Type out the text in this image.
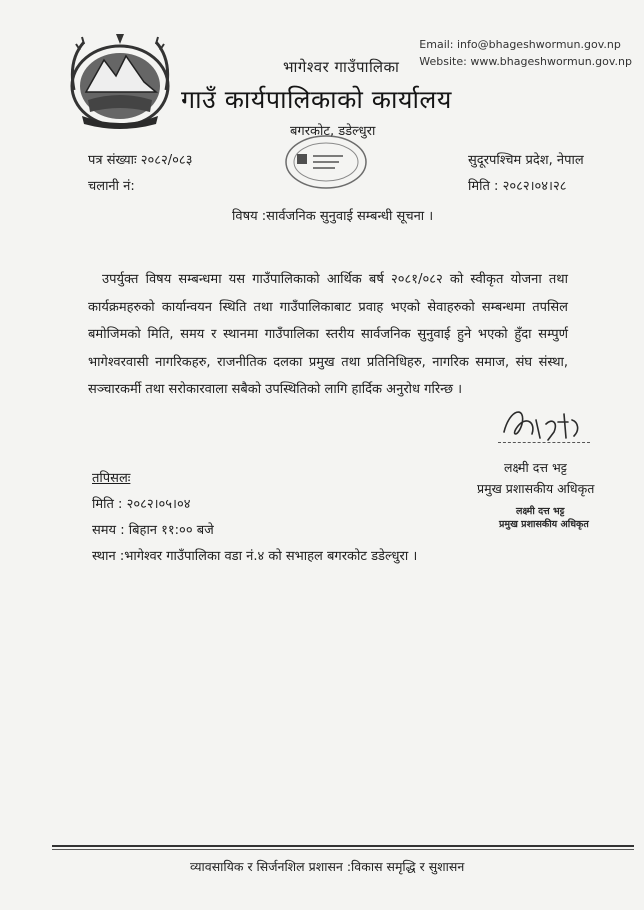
Email: info@bhageshwormun.gov.np
Website: www.bhageshwormun.gov.np
भागेश्वर गाउँपालिका
गाउँ कार्यपालिकाको कार्यालय
बगरकोट, डडेल्धुरा
पत्र संख्याः २०८२/०८३
चलानी नं:
सुदूरपश्चिम प्रदेश, नेपाल
मिति : २०८२।०४।२८
विषय :सार्वजनिक सुनुवाई सम्बन्धी सूचना ।
उपर्युक्त विषय सम्बन्धमा यस गाउँपालिकाको आर्थिक बर्ष २०८१/०८२ को स्वीकृत योजना तथा कार्यक्रमहरुको कार्यान्वयन स्थिति तथा गाउँपालिकाबाट प्रवाह भएको सेवाहरुको सम्बन्धमा तपसिल बमोजिमको मिति, समय र स्थानमा गाउँपालिका स्तरीय सार्वजनिक सुनुवाई हुने भएको हुँदा सम्पुर्ण भागेश्वरवासी नागरिकहरु, राजनीतिक दलका प्रमुख तथा प्रतिनिधिहरु, नागरिक समाज, संघ संस्था, सञ्चारकर्मी तथा सरोकारवाला सबैको उपस्थितिको लागि हार्दिक अनुरोध गरिन्छ ।
लक्ष्मी दत्त भट्ट
प्रमुख प्रशासकीय अधिकृत
लक्ष्मी दत्त भट्ट
प्रमुख प्रशासकीय अधिकृत
तपिसलः
मिति : २०८२।०५।०४
समय : बिहान ११:०० बजे
स्थान :भागेश्वर गाउँपालिका वडा नं.४ को सभाहल बगरकोट डडेल्धुरा ।
व्यावसायिक र सिर्जनशिल प्रशासन :विकास समृद्धि र सुशासन
